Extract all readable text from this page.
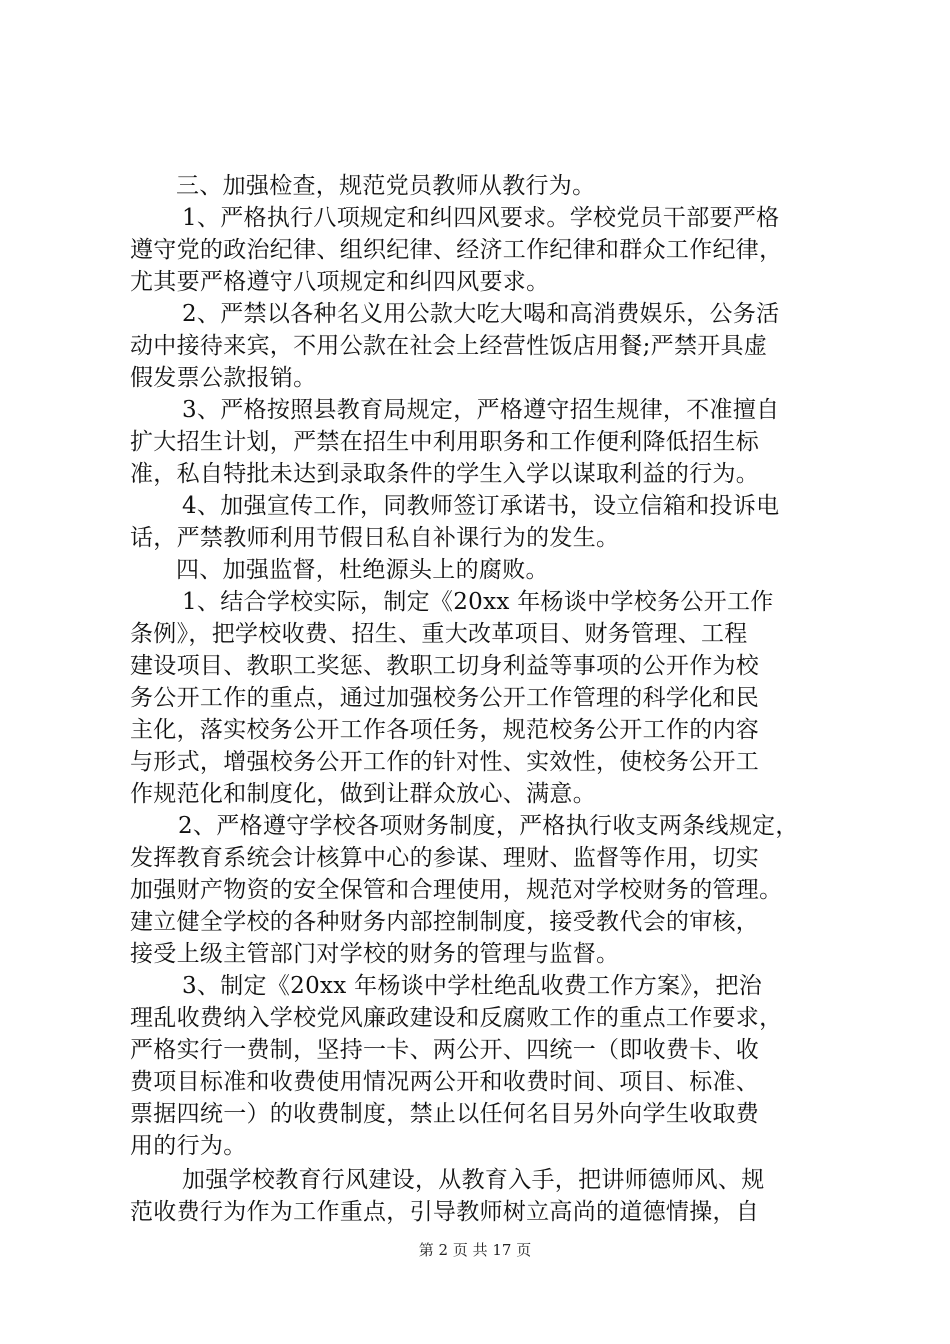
三、加强检查，规范党员教师从教行为。
1、严格执行八项规定和纠四风要求。学校党员干部要严格
遵守党的政治纪律、组织纪律、经济工作纪律和群众工作纪律，
尤其要严格遵守八项规定和纠四风要求。
2、严禁以各种名义用公款大吃大喝和高消费娱乐，公务活
动中接待来宾，不用公款在社会上经营性饭店用餐;严禁开具虚
假发票公款报销。
3、严格按照县教育局规定，严格遵守招生规律，不准擅自
扩大招生计划，严禁在招生中利用职务和工作便利降低招生标
准，私自特批未达到录取条件的学生入学以谋取利益的行为。
4、加强宣传工作，同教师签订承诺书，设立信箱和投诉电
话，严禁教师利用节假日私自补课行为的发生。
四、加强监督，杜绝源头上的腐败。
1、结合学校实际，制定《20xx 年杨谈中学校务公开工作
条例》，把学校收费、招生、重大改革项目、财务管理、工程
建设项目、教职工奖惩、教职工切身利益等事项的公开作为校
务公开工作的重点，通过加强校务公开工作管理的科学化和民
主化，落实校务公开工作各项任务，规范校务公开工作的内容
与形式，增强校务公开工作的针对性、实效性，使校务公开工
作规范化和制度化，做到让群众放心、满意。
2、严格遵守学校各项财务制度，严格执行收支两条线规定，
发挥教育系统会计核算中心的参谋、理财、监督等作用，切实
加强财产物资的安全保管和合理使用，规范对学校财务的管理。
建立健全学校的各种财务内部控制制度，接受教代会的审核，
接受上级主管部门对学校的财务的管理与监督。
3、制定《20xx 年杨谈中学杜绝乱收费工作方案》，把治
理乱收费纳入学校党风廉政建设和反腐败工作的重点工作要求，
严格实行一费制，坚持一卡、两公开、四统一（即收费卡、收
费项目标准和收费使用情况两公开和收费时间、项目、标准、
票据四统一）的收费制度，禁止以任何名目另外向学生收取费
用的行为。
加强学校教育行风建设，从教育入手，把讲师德师风、规
范收费行为作为工作重点，引导教师树立高尚的道德情操，自
第 2 页 共 17 页
